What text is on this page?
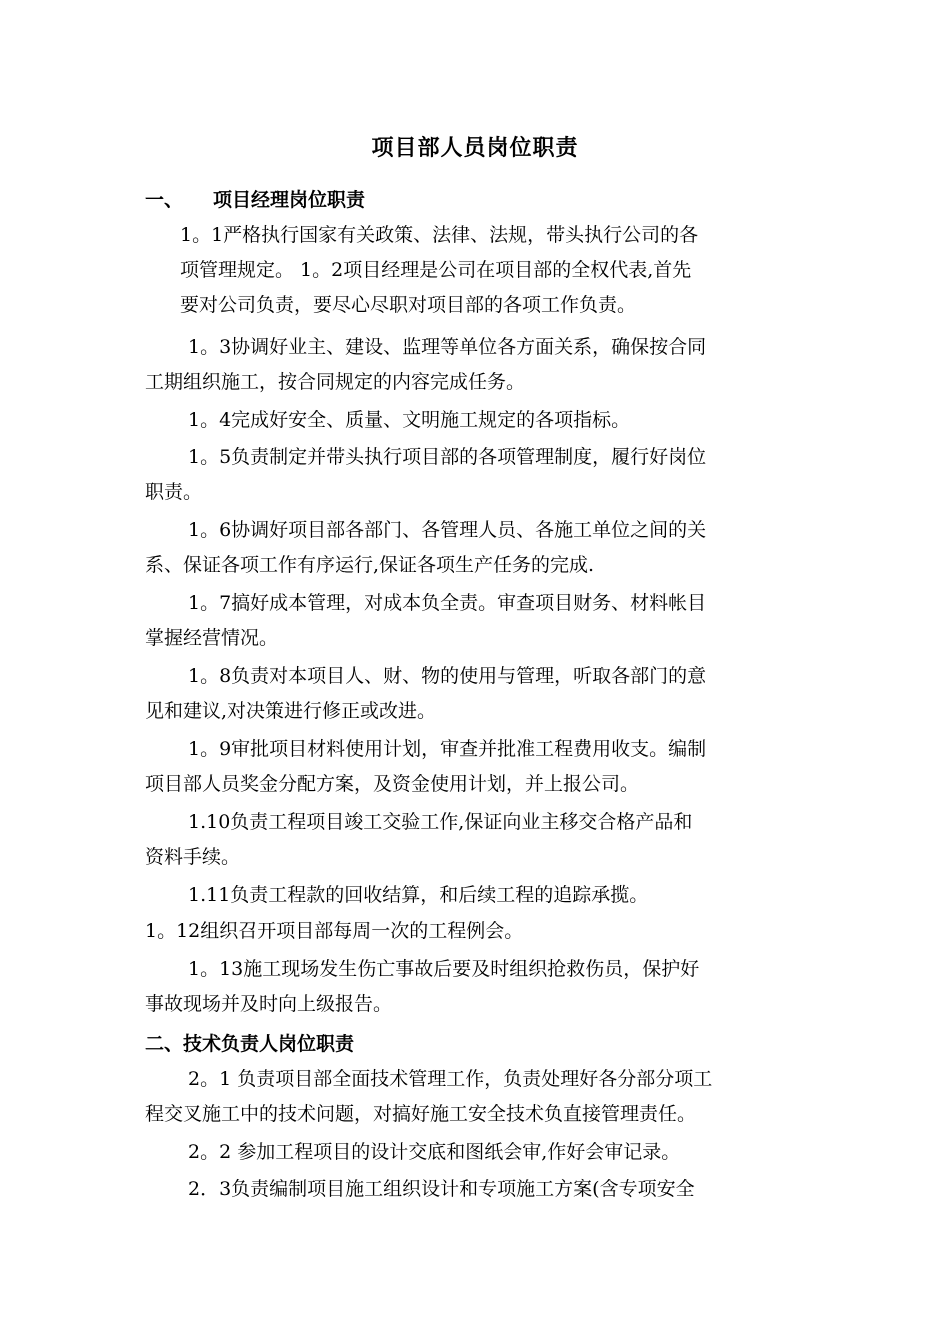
项目部人员岗位职责
一、 项目经理岗位职责
1。1严格执行国家有关政策、法律、法规，带头执行公司的各
项管理规定。 1。2项目经理是公司在项目部的全权代表,首先
要对公司负责，要尽心尽职对项目部的各项工作负责。
1。3协调好业主、建设、监理等单位各方面关系，确保按合同
工期组织施工，按合同规定的内容完成任务。
1。4完成好安全、质量、文明施工规定的各项指标。
1。5负责制定并带头执行项目部的各项管理制度，履行好岗位
职责。
1。6协调好项目部各部门、各管理人员、各施工单位之间的关
系、保证各项工作有序运行,保证各项生产任务的完成.
1。7搞好成本管理，对成本负全责。审查项目财务、材料帐目
掌握经营情况。
1。8负责对本项目人、财、物的使用与管理，听取各部门的意
见和建议,对决策进行修正或改进。
1。9审批项目材料使用计划，审查并批准工程费用收支。编制
项目部人员奖金分配方案，及资金使用计划，并上报公司。
1.10负责工程项目竣工交验工作,保证向业主移交合格产品和
资料手续。
1.11负责工程款的回收结算，和后续工程的追踪承揽。
1。12组织召开项目部每周一次的工程例会。
1。13施工现场发生伤亡事故后要及时组织抢救伤员，保护好
事故现场并及时向上级报告。
二、技术负责人岗位职责
2。1 负责项目部全面技术管理工作，负责处理好各分部分项工
程交叉施工中的技术问题，对搞好施工安全技术负直接管理责任。
2。2 参加工程项目的设计交底和图纸会审,作好会审记录。
2．3负责编制项目施工组织设计和专项施工方案(含专项安全
